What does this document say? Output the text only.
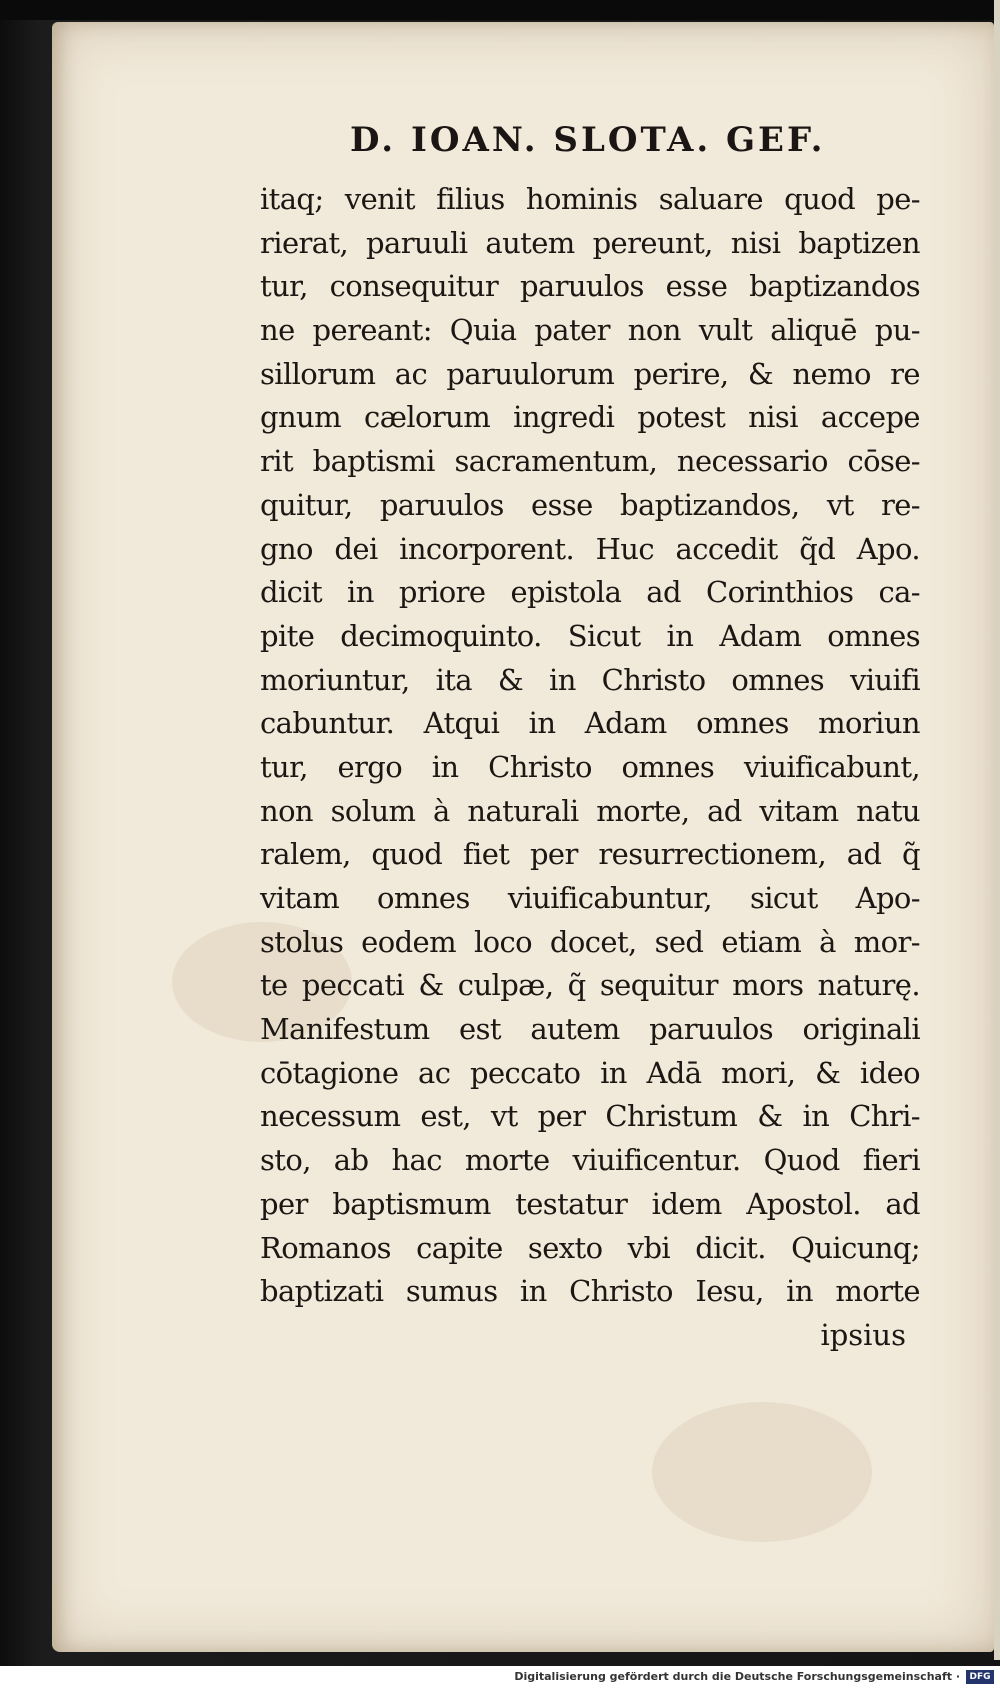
D. IOAN. SLOTA. GEF.
itaq; venit filius hominis saluare quod pe-
rierat, paruuli autem pereunt, nisi baptizen
tur, consequitur paruulos esse baptizandos
ne pereant: Quia pater non vult aliquē pu-
sillorum ac paruulorum perire, & nemo re
gnum cælorum ingredi potest nisi accepe
rit baptismi sacramentum, necessario cōse-
quitur, paruulos esse baptizandos, vt re-
gno dei incorporent. Huc accedit q̃d Apo.
dicit in priore epistola ad Corinthios ca-
pite decimoquinto. Sicut in Adam omnes
moriuntur, ita & in Christo omnes viuifi
cabuntur. Atqui in Adam omnes moriun
tur, ergo in Christo omnes viuificabunt,
non solum à naturali morte, ad vitam natu
ralem, quod fiet per resurrectionem, ad q̃
vitam omnes viuificabuntur, sicut Apo-
stolus eodem loco docet, sed etiam à mor-
te peccati & culpæ, q̃ sequitur mors naturę.
Manifestum est autem paruulos originali
cōtagione ac peccato in Adā mori, & ideo
necessum est, vt per Christum & in Chri-
sto, ab hac morte viuificentur. Quod fieri
per baptismum testatur idem Apostol. ad
Romanos capite sexto vbi dicit. Quicunq;
baptizati sumus in Christo Iesu, in morte
ipsius
Digitalisierung gefördert durch die Deutsche Forschungsgemeinschaft ·	DFG
